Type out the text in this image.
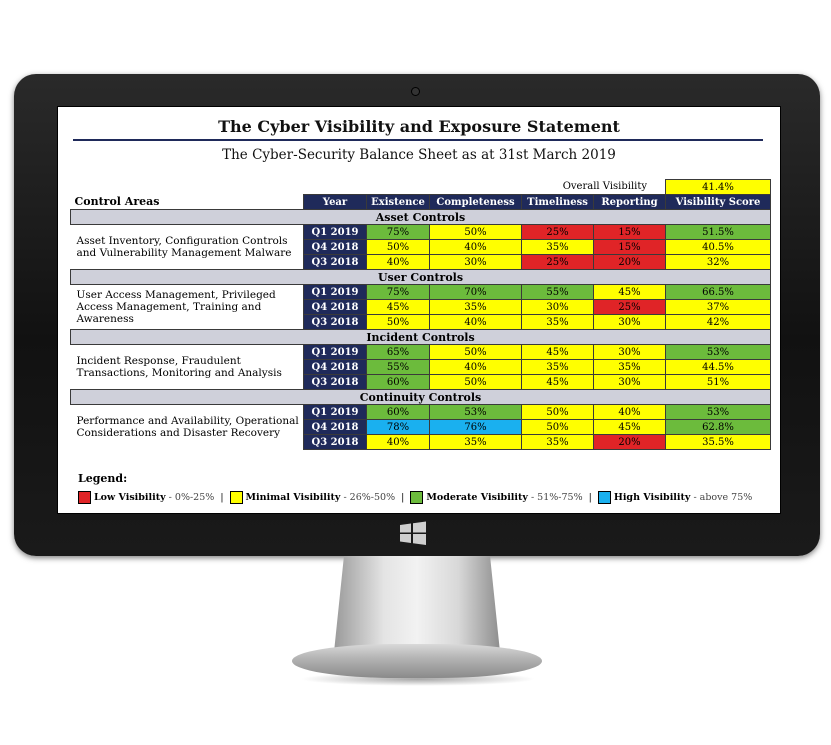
The Cyber Visibility and Exposure Statement
The Cyber-Security Balance Sheet as at 31st March 2019
				Overall Visibility		41.4%
Control Areas	Year	Existence	Completeness	Timeliness	Reporting	Visibility Score
Asset Controls						
Asset Inventory, Configuration Controls and Vulnerability Management Malware	Q1 2019	75%	50%	25%	15%	51.5%
	Q4 2018	50%	40%	35%	15%	40.5%
	Q3 2018	40%	30%	25%	20%	32%
User Controls						
User Access Management, Privileged Access Management, Training and Awareness	Q1 2019	75%	70%	55%	45%	66.5%
	Q4 2018	45%	35%	30%	25%	37%
	Q3 2018	50%	40%	35%	30%	42%
Incident Controls						
Incident Response, Fraudulent Transactions, Monitoring and Analysis	Q1 2019	65%	50%	45%	30%	53%
	Q4 2018	55%	40%	35%	35%	44.5%
	Q3 2018	60%	50%	45%	30%	51%
Continuity Controls						
Performance and Availability, Operational Considerations and Disaster Recovery	Q1 2019	60%	53%	50%	40%	53%
	Q4 2018	78%	76%	50%	45%	62.8%
	Q3 2018	40%	35%	35%	20%	35.5%
Legend:
Low Visibility - 0%-25% | Minimal Visibility - 26%-50% | Moderate Visibility - 51%-75% | High Visibility - above 75%
